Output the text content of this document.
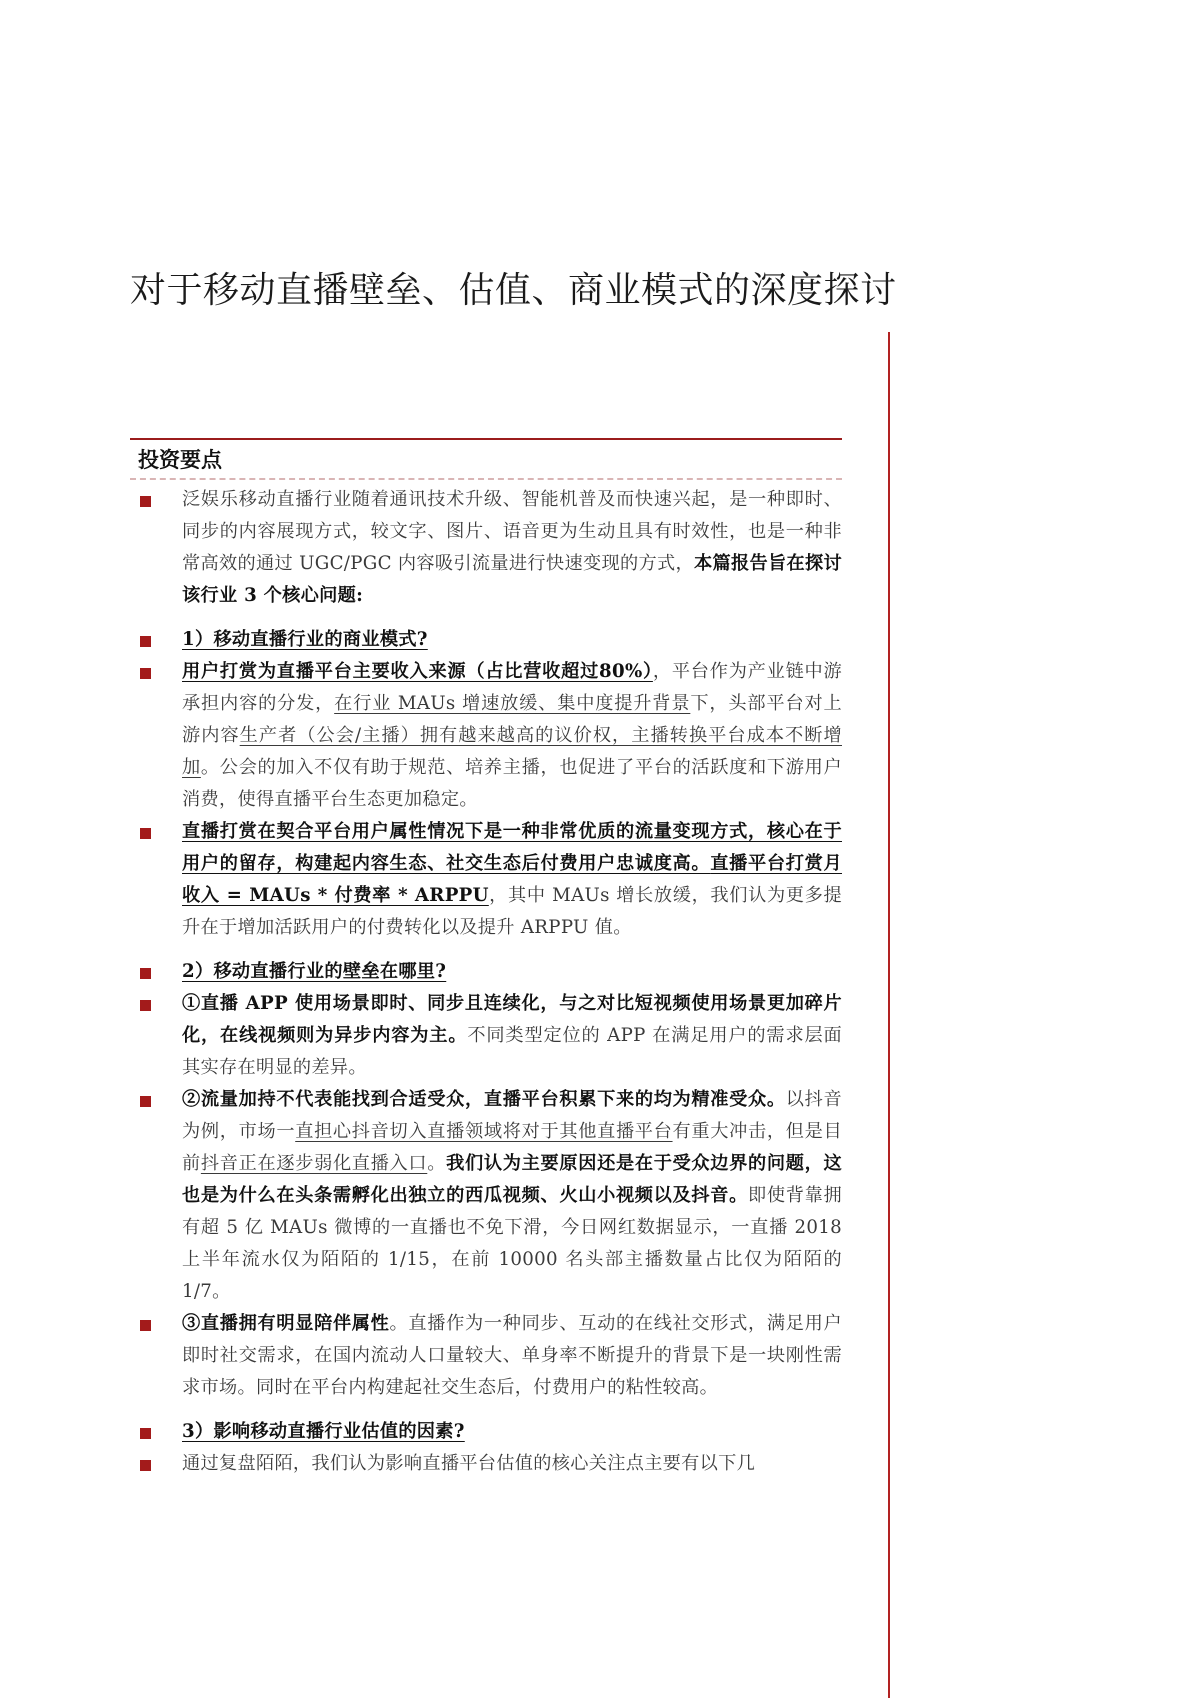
对于移动直播壁垒、估值、商业模式的深度探讨
投资要点
泛娱乐移动直播行业随着通讯技术升级、智能机普及而快速兴起，是一种即时、同步的内容展现方式，较文字、图片、语音更为生动且具有时效性，也是一种非常高效的通过 UGC/PGC 内容吸引流量进行快速变现的方式，本篇报告旨在探讨该行业 3 个核心问题:
1）移动直播行业的商业模式?
用户打赏为直播平台主要收入来源（占比营收超过80%），平台作为产业链中游承担内容的分发，在行业 MAUs 增速放缓、集中度提升背景下，头部平台对上游内容生产者（公会/主播）拥有越来越高的议价权，主播转换平台成本不断增加。公会的加入不仅有助于规范、培养主播，也促进了平台的活跃度和下游用户消费，使得直播平台生态更加稳定。
直播打赏在契合平台用户属性情况下是一种非常优质的流量变现方式，核心在于用户的留存，构建起内容生态、社交生态后付费用户忠诚度高。直播平台打赏月收入 = MAUs * 付费率 * ARPPU，其中 MAUs 增长放缓，我们认为更多提升在于增加活跃用户的付费转化以及提升 ARPPU 值。
2）移动直播行业的壁垒在哪里?
①直播 APP 使用场景即时、同步且连续化，与之对比短视频使用场景更加碎片化，在线视频则为异步内容为主。不同类型定位的 APP 在满足用户的需求层面其实存在明显的差异。
②流量加持不代表能找到合适受众，直播平台积累下来的均为精准受众。以抖音为例，市场一直担心抖音切入直播领域将对于其他直播平台有重大冲击，但是目前抖音正在逐步弱化直播入口。我们认为主要原因还是在于受众边界的问题，这也是为什么在头条需孵化出独立的西瓜视频、火山小视频以及抖音。即使背靠拥有超 5 亿 MAUs 微博的一直播也不免下滑，今日网红数据显示，一直播 2018 上半年流水仅为陌陌的 1/15，在前 10000 名头部主播数量占比仅为陌陌的 1/7。
③直播拥有明显陪伴属性。直播作为一种同步、互动的在线社交形式，满足用户即时社交需求，在国内流动人口量较大、单身率不断提升的背景下是一块刚性需求市场。同时在平台内构建起社交生态后，付费用户的粘性较高。
3）影响移动直播行业估值的因素?
通过复盘陌陌，我们认为影响直播平台估值的核心关注点主要有以下几
